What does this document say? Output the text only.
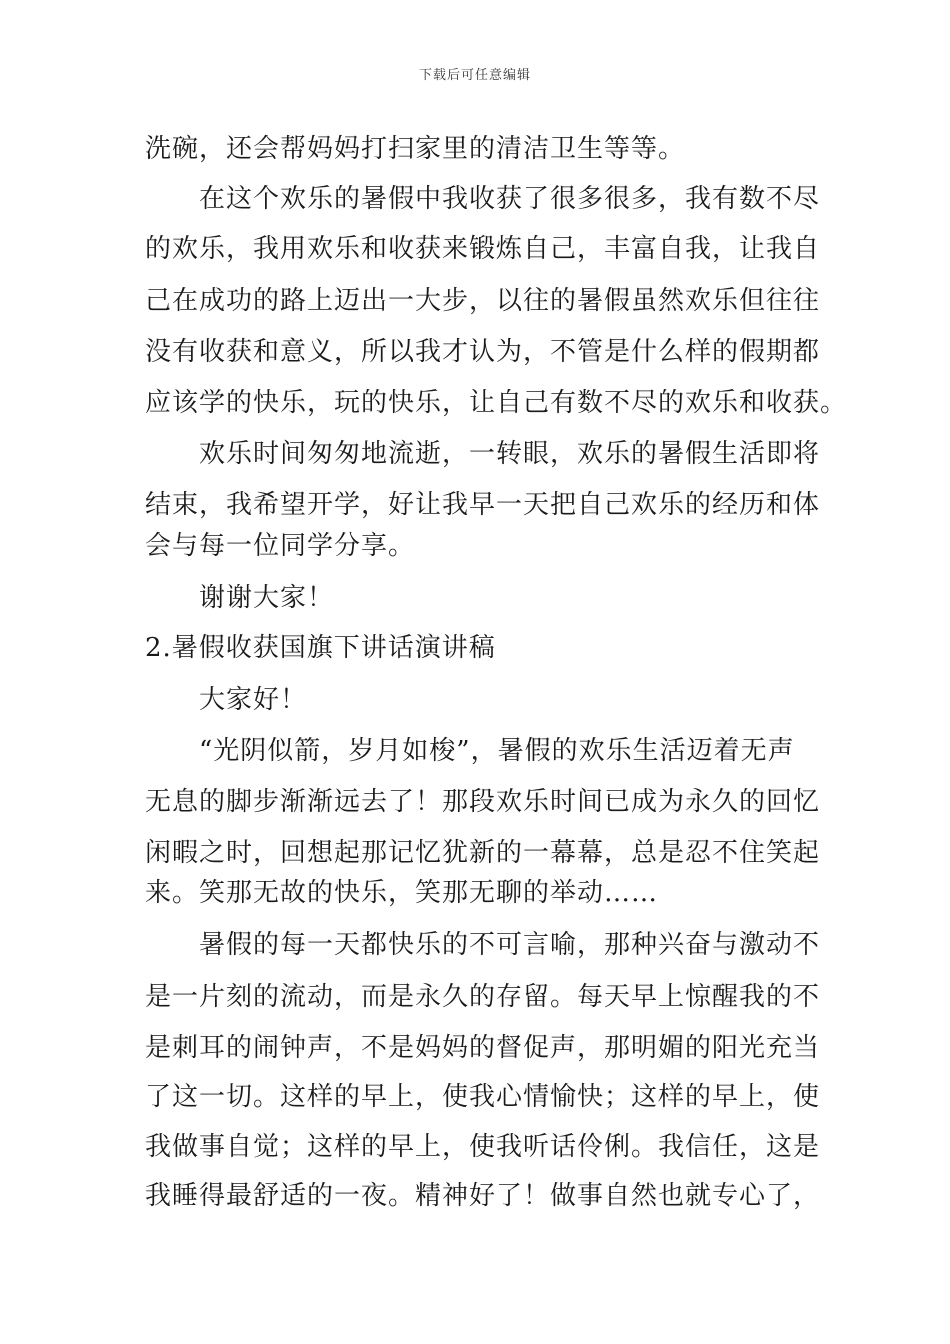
下载后可任意编辑
洗碗，还会帮妈妈打扫家里的清洁卫生等等。
　　在这个欢乐的暑假中我收获了很多很多，我有数不尽
的欢乐，我用欢乐和收获来锻炼自己，丰富自我，让我自
己在成功的路上迈出一大步，以往的暑假虽然欢乐但往往
没有收获和意义，所以我才认为，不管是什么样的假期都
应该学的快乐，玩的快乐，让自己有数不尽的欢乐和收获。
　　欢乐时间匆匆地流逝，一转眼，欢乐的暑假生活即将
结束，我希望开学，好让我早一天把自己欢乐的经历和体
会与每一位同学分享。
　　谢谢大家！
2.暑假收获国旗下讲话演讲稿
　　大家好！
　　“光阴似箭，岁月如梭”，暑假的欢乐生活迈着无声
无息的脚步渐渐远去了！那段欢乐时间已成为永久的回忆
闲暇之时，回想起那记忆犹新的一幕幕，总是忍不住笑起
来。笑那无故的快乐，笑那无聊的举动……
　　暑假的每一天都快乐的不可言喻，那种兴奋与激动不
是一片刻的流动，而是永久的存留。每天早上惊醒我的不
是刺耳的闹钟声，不是妈妈的督促声，那明媚的阳光充当
了这一切。这样的早上，使我心情愉快；这样的早上，使
我做事自觉；这样的早上，使我听话伶俐。我信任，这是
我睡得最舒适的一夜。精神好了！做事自然也就专心了，
